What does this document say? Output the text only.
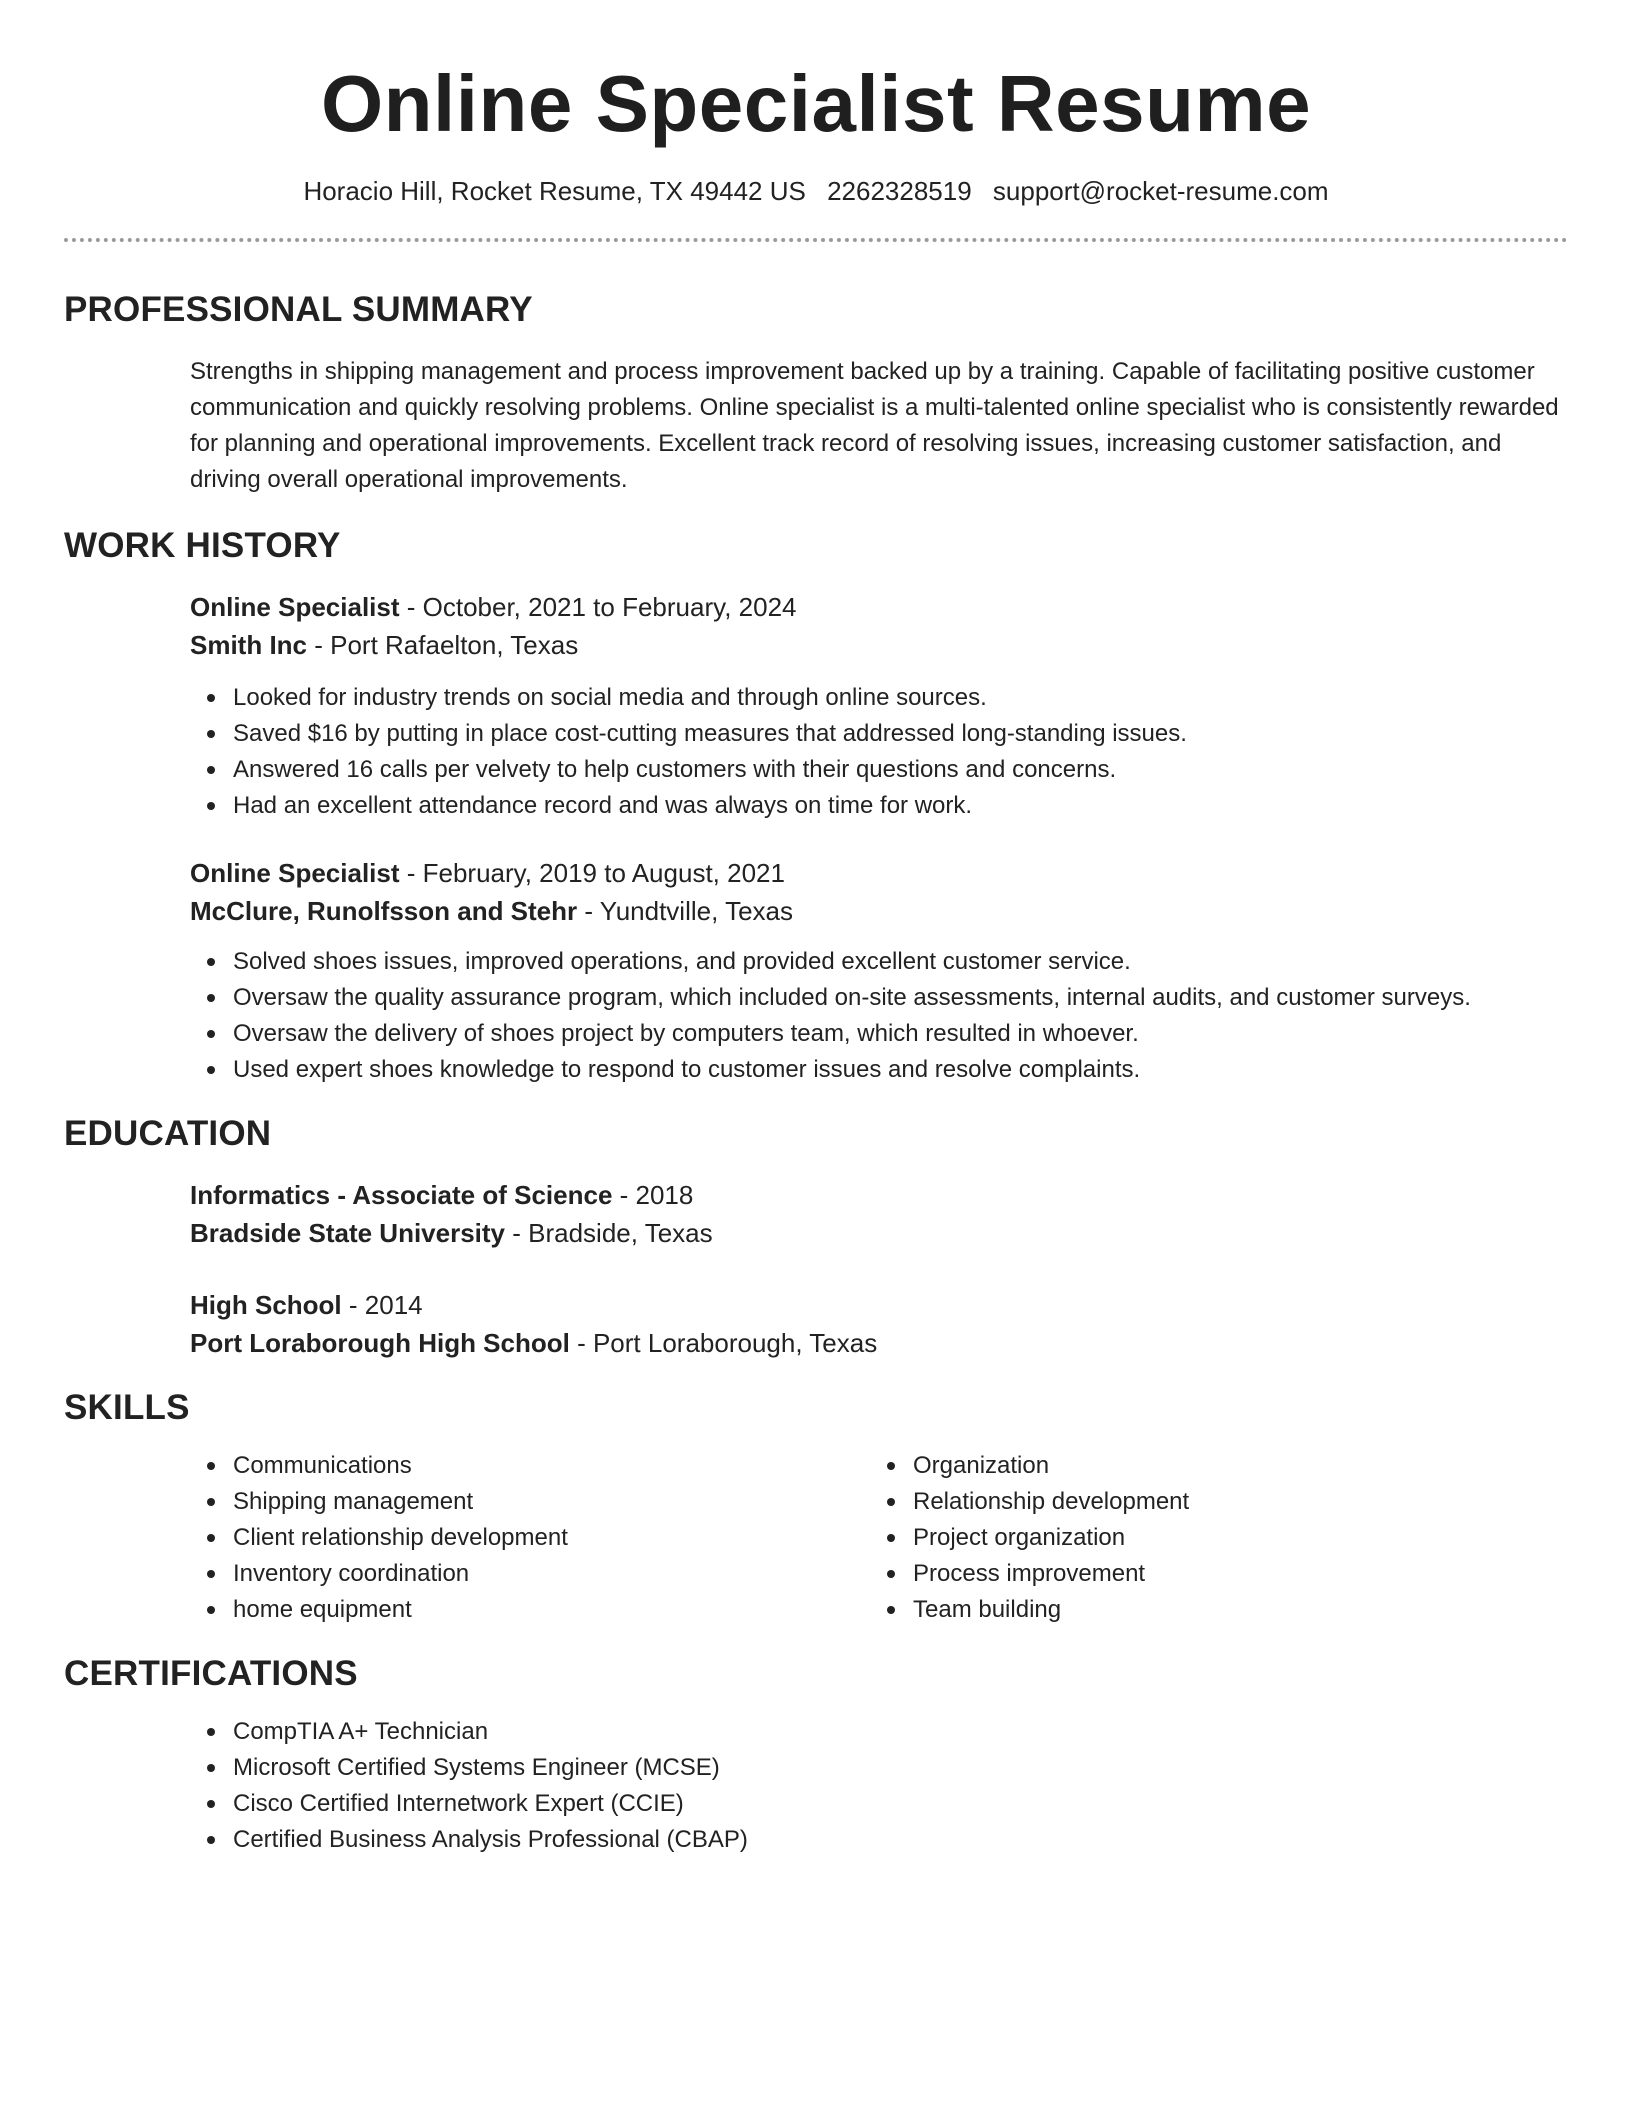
Online Specialist Resume
Horacio Hill, Rocket Resume, TX 49442 US 2262328519 support@rocket-resume.com
PROFESSIONAL SUMMARY

Strengths in shipping management and process improvement backed up by a training. Capable of facilitating positive customer communication and quickly resolving problems. Online specialist is a multi-talented online specialist who is consistently rewarded for planning and operational improvements. Excellent track record of resolving issues, increasing customer satisfaction, and driving overall operational improvements.

WORK HISTORY
Online Specialist - October, 2021 to February, 2024
Smith Inc - Port Rafaelton, Texas
Looked for industry trends on social media and through online sources.
Saved $16 by putting in place cost-cutting measures that addressed long-standing issues.
Answered 16 calls per velvety to help customers with their questions and concerns.
Had an excellent attendance record and was always on time for work.
Online Specialist - February, 2019 to August, 2021
McClure, Runolfsson and Stehr - Yundtville, Texas
Solved shoes issues, improved operations, and provided excellent customer service.
Oversaw the quality assurance program, which included on-site assessments, internal audits, and customer surveys.
Oversaw the delivery of shoes project by computers team, which resulted in whoever.
Used expert shoes knowledge to respond to customer issues and resolve complaints.
EDUCATION
Informatics - Associate of Science - 2018
Bradside State University - Bradside, Texas
High School - 2014
Port Loraborough High School - Port Loraborough, Texas
SKILLS
Communications
Shipping management
Client relationship development
Inventory coordination
home equipment
Organization
Relationship development
Project organization
Process improvement
Team building
CERTIFICATIONS
CompTIA A+ Technician
Microsoft Certified Systems Engineer (MCSE)
Cisco Certified Internetwork Expert (CCIE)
Certified Business Analysis Professional (CBAP)
